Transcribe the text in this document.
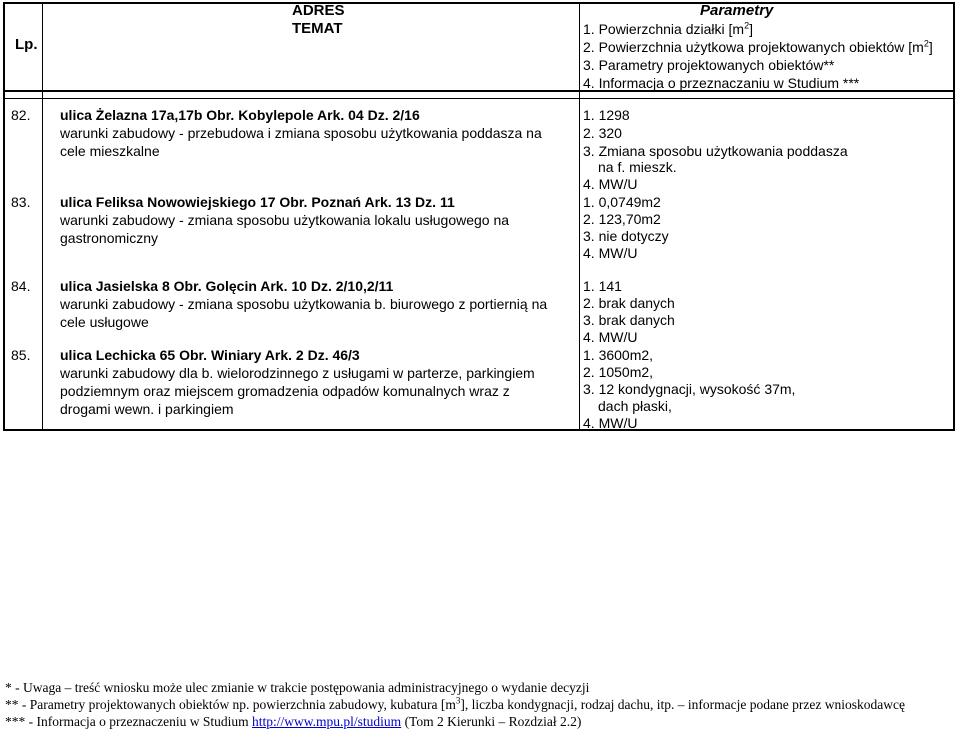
Lp.
ADRES
TEMAT
Parametry
1. Powierzchnia działki $[m^2]$
2. Powierzchnia użytkowa projektowanych obiektów $[m^2]$
3. Parametry projektowanych obiektów**
4. Informacja o przeznaczaniu w Studium ***
82. ulica Żelazna 17a,17b Obr. Kobylepole Ark. 04 Dz. 2/16
warunki zabudowy - przebudowa i zmiana sposobu użytkowania poddasza na
cele mieszkalne
1. 1298
2. 320
3. Zmiana sposobu użytkowania poddasza
na f. mieszk.
4. MW/U
83. ulica Feliksa Nowowiejskiego 17 Obr. Poznań Ark. 13 Dz. 11
warunki zabudowy - zmiana sposobu użytkowania lokalu usługowego na
gastronomiczny
1. 0,0749m2
2. 123,70m2
3. nie dotyczy
4. MW/U
84. ulica Jasielska 8 Obr. Golęcin Ark. 10 Dz. 2/10,2/11
warunki zabudowy - zmiana sposobu użytkowania b. biurowego z portiernią na
cele usługowe
1. 141
2. brak danych
3. brak danych
4. MW/U
85. ulica Lechicka 65 Obr. Winiary Ark. 2 Dz. 46/3
warunki zabudowy dla b. wielorodzinnego z usługami w parterze, parkingiem
podziemnym oraz miejscem gromadzenia odpadów komunalnych wraz z
drogami wewn. i parkingiem
1. 3600m2,
2. 1050m2,
3. 12 kondygnacji, wysokość 37m,
dach płaski,
4. MW/U
* - Uwaga – treść wniosku może ulec zmianie w trakcie postępowania administracyjnego o wydanie decyzji
** - Parametry projektowanych obiektów np. powierzchnia zabudowy, kubatura $[m^3]$, liczba kondygnacji, rodzaj dachu, itp. – informacje podane przez wnioskodawcę
*** - Informacja o przeznaczeniu w Studium http://www.mpu.pl/studium (Tom 2 Kierunki – Rozdział 2.2)
